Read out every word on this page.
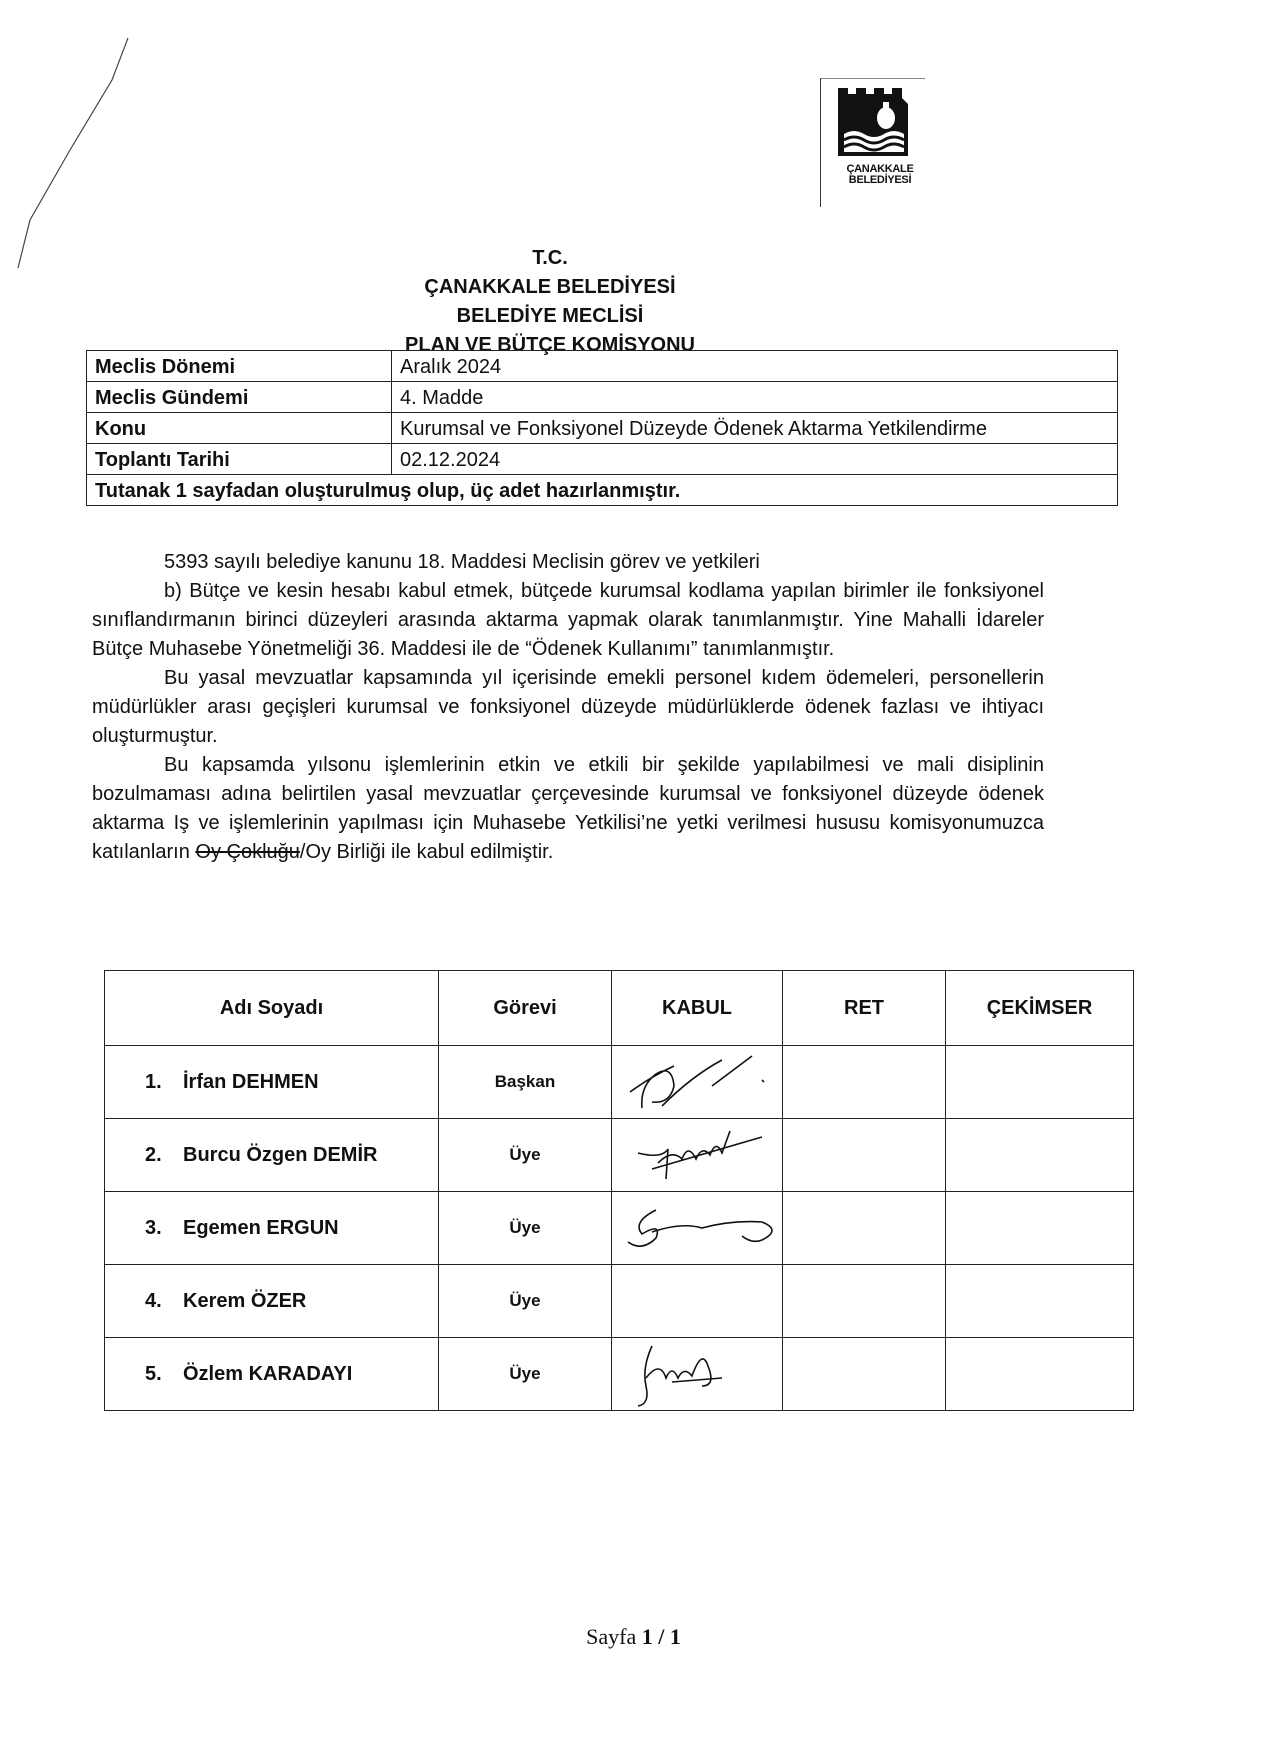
ÇANAKKALE
BELEDİYESİ
T.C.
ÇANAKKALE BELEDİYESİ
BELEDİYE MECLİSİ
PLAN VE BÜTÇE KOMİSYONU
Meclis Dönemi	Aralık 2024
Meclis Gündemi	4. Madde
Konu	Kurumsal ve Fonksiyonel Düzeyde Ödenek Aktarma Yetkilendirme
Toplantı Tarihi	02.12.2024
Tutanak 1 sayfadan oluşturulmuş olup, üç adet hazırlanmıştır.	

5393 sayılı belediye kanunu 18. Maddesi Meclisin görev ve yetkileri

b) Bütçe ve kesin hesabı kabul etmek, bütçede kurumsal kodlama yapılan birimler ile fonksiyonel sınıflandırmanın birinci düzeyleri arasında aktarma yapmak olarak tanımlanmıştır. Yine Mahalli İdareler Bütçe Muhasebe Yönetmeliği 36. Maddesi ile de “Ödenek Kullanımı” tanımlanmıştır.

Bu yasal mevzuatlar kapsamında yıl içerisinde emekli personel kıdem ödemeleri, personellerin müdürlükler arası geçişleri kurumsal ve fonksiyonel düzeyde müdürlüklerde ödenek fazlası ve ihtiyacı oluşturmuştur.

Bu kapsamda yılsonu işlemlerinin etkin ve etkili bir şekilde yapılabilmesi ve mali disiplinin bozulmaması adına belirtilen yasal mevzuatlar çerçevesinde kurumsal ve fonksiyonel düzeyde ödenek aktarma Iş ve işlemlerinin yapılması için Muhasebe Yetkilisi’ne yetki verilmesi hususu komisyonumuzca katılanların Oy Çokluğu/Oy Birliği ile kabul edilmiştir.

Adı Soyadı	Görevi	KABUL	RET	ÇEKİMSER
1. İrfan DEHMEN	Başkan	

2. Burcu Özgen DEMİR	Üye	

3. Egemen ERGUN	Üye	

4. Kerem ÖZER	Üye			
5. Özlem KARADAYI	Üye	

Sayfa 1 / 1
